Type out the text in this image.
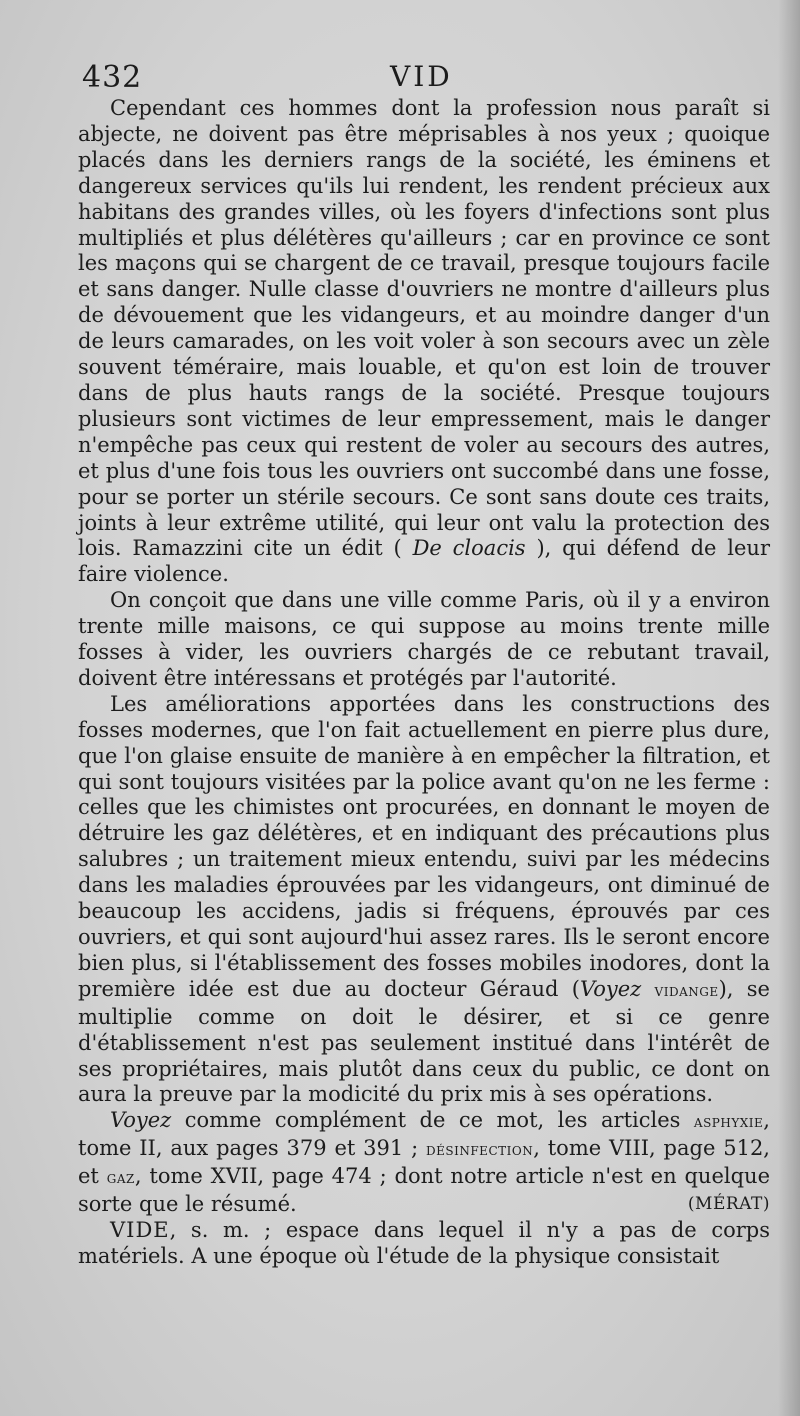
432	VID

Cependant ces hommes dont la profession nous paraît si abjecte, ne doivent pas être méprisables à nos yeux ; quoique placés dans les derniers rangs de la société, les éminens et dangereux services qu'ils lui rendent, les rendent précieux aux habitans des grandes villes, où les foyers d'infections sont plus multipliés et plus délétères qu'ailleurs ; car en province ce sont les maçons qui se chargent de ce travail, presque toujours facile et sans danger. Nulle classe d'ouvriers ne montre d'ailleurs plus de dévouement que les vidangeurs, et au moindre danger d'un de leurs camarades, on les voit voler à son secours avec un zèle souvent téméraire, mais louable, et qu'on est loin de trouver dans de plus hauts rangs de la société. Presque toujours plusieurs sont victimes de leur empressement, mais le danger n'empêche pas ceux qui restent de voler au secours des autres, et plus d'une fois tous les ouvriers ont succombé dans une fosse, pour se porter un stérile secours. Ce sont sans doute ces traits, joints à leur extrême utilité, qui leur ont valu la protection des lois. Ramazzini cite un édit ( De cloacis ), qui défend de leur faire violence.

On conçoit que dans une ville comme Paris, où il y a environ trente mille maisons, ce qui suppose au moins trente mille fosses à vider, les ouvriers chargés de ce rebutant travail, doivent être intéressans et protégés par l'autorité.

Les améliorations apportées dans les constructions des fosses modernes, que l'on fait actuellement en pierre plus dure, que l'on glaise ensuite de manière à en empêcher la filtration, et qui sont toujours visitées par la police avant qu'on ne les ferme : celles que les chimistes ont procurées, en donnant le moyen de détruire les gaz délétères, et en indiquant des précautions plus salubres ; un traitement mieux entendu, suivi par les médecins dans les maladies éprouvées par les vidangeurs, ont diminué de beaucoup les accidens, jadis si fréquens, éprouvés par ces ouvriers, et qui sont aujourd'hui assez rares. Ils le seront encore bien plus, si l'établissement des fosses mobiles inodores, dont la première idée est due au docteur Géraud (Voyez vidange), se multiplie comme on doit le désirer, et si ce genre d'établissement n'est pas seulement institué dans l'intérêt de ses propriétaires, mais plutôt dans ceux du public, ce dont on aura la preuve par la modicité du prix mis à ses opérations.

Voyez comme complément de ce mot, les articles asphyxie, tome II, aux pages 379 et 391 ; désinfection, tome VIII, page 512, et gaz, tome XVII, page 474 ; dont notre article n'est en quelque sorte que le résumé.	(MÉRAT)

VIDE, s. m. ; espace dans lequel il n'y a pas de corps matériels. A une époque où l'étude de la physique consistait
